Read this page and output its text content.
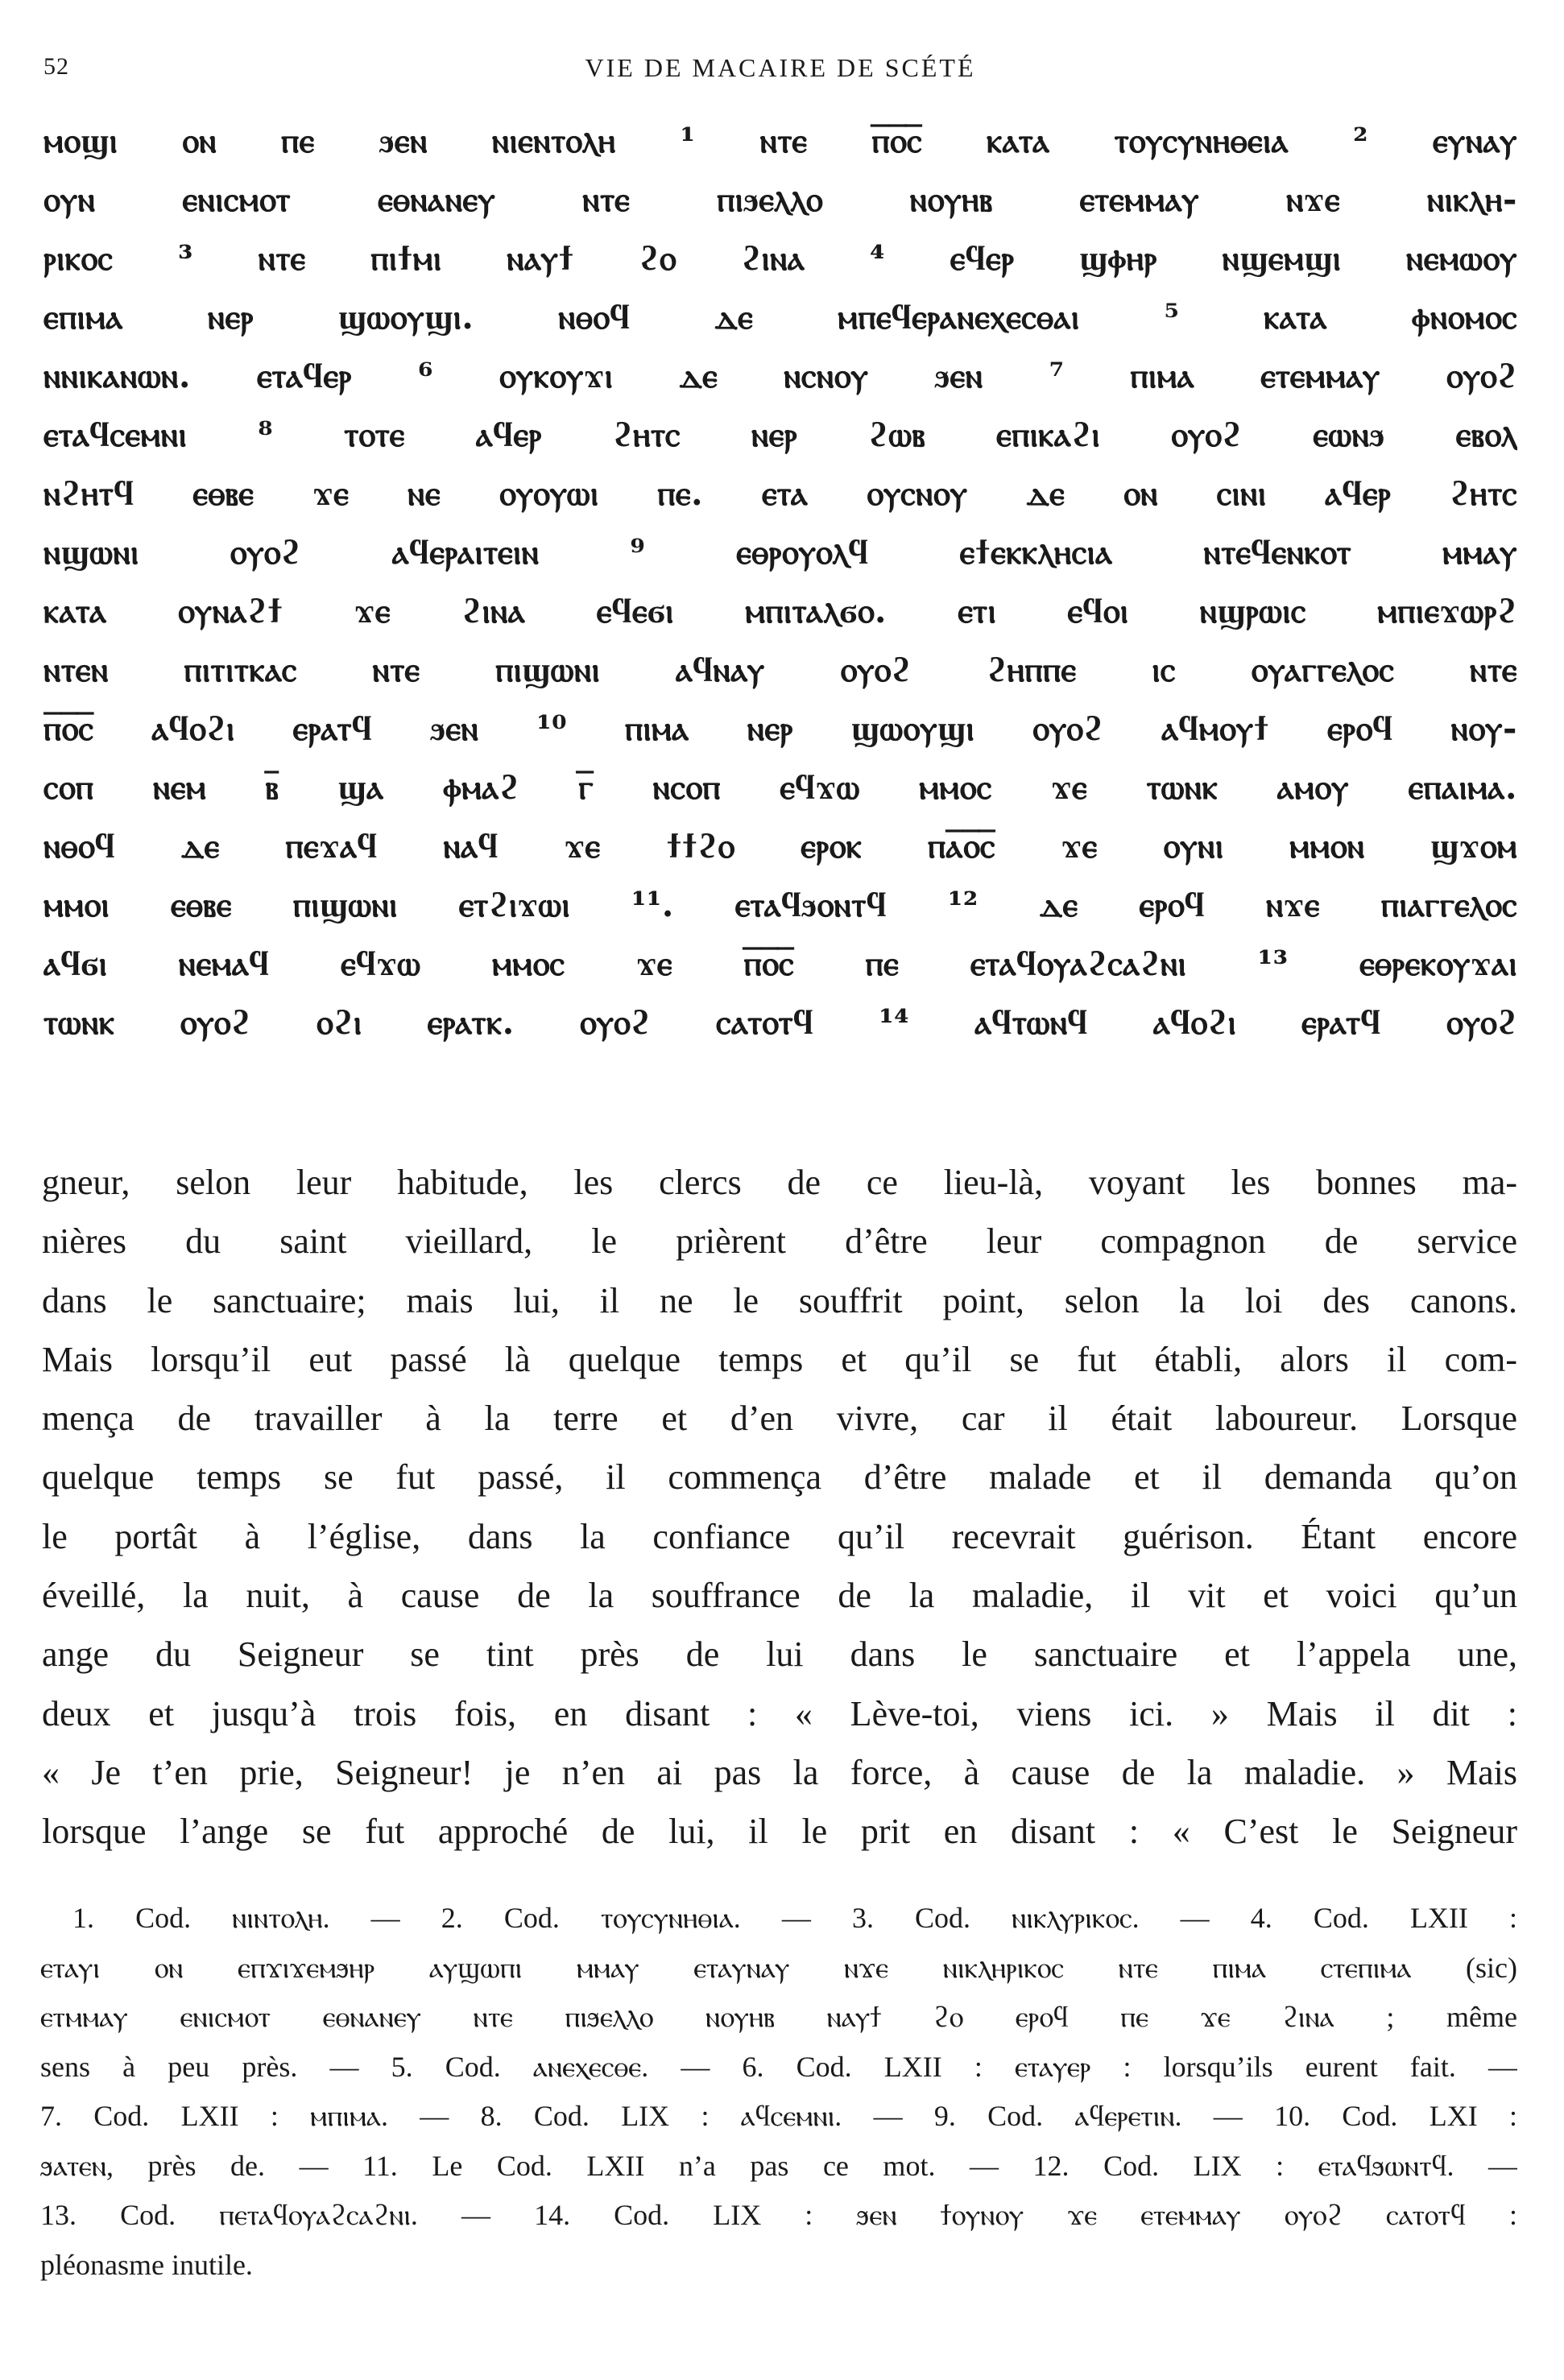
52	VIE DE MACAIRE DE SCÉTÉ
ⲙⲟϣⲓ ⲟⲛ ⲡⲉ ϧⲉⲛ ⲛⲓⲉⲛⲧⲟⲗⲏ ¹ ⲛⲧⲉ ⲡ̅ⲟ̅ⲥ̅ ⲕⲁⲧⲁ ⲧⲟⲩⲥⲩⲛⲏⲑⲉⲓⲁ ² ⲉⲩⲛⲁⲩ
ⲟⲩⲛ ⲉⲛⲓⲥⲙⲟⲧ ⲉⲑⲛⲁⲛⲉⲩ ⲛⲧⲉ ⲡⲓϧⲉⲗⲗⲟ ⲛⲟⲩⲏⲃ ⲉⲧⲉⲙⲙⲁⲩ ⲛϫⲉ ⲛⲓⲕⲗⲏ-
ⲣⲓⲕⲟⲥ ³ ⲛⲧⲉ ⲡⲓϯⲙⲓ ⲛⲁⲩϯ ϩⲟ ϩⲓⲛⲁ ⁴ ⲉϥⲉⲣ ϣⲫⲏⲣ ⲛϣⲉⲙϣⲓ ⲛⲉⲙⲱⲟⲩ
ⲉⲡⲓⲙⲁ ⲛⲉⲣ ϣⲱⲟⲩϣⲓ. ⲛⲑⲟϥ ⲇⲉ ⲙⲡⲉϥⲉⲣⲁⲛⲉⲭⲉⲥⲑⲁⲓ ⁵ ⲕⲁⲧⲁ ⲫⲛⲟⲙⲟⲥ
ⲛⲛⲓⲕⲁⲛⲱⲛ. ⲉⲧⲁϥⲉⲣ ⁶ ⲟⲩⲕⲟⲩϫⲓ ⲇⲉ ⲛⲥⲛⲟⲩ ϧⲉⲛ ⁷ ⲡⲓⲙⲁ ⲉⲧⲉⲙⲙⲁⲩ ⲟⲩⲟϩ
ⲉⲧⲁϥⲥⲉⲙⲛⲓ ⁸ ⲧⲟⲧⲉ ⲁϥⲉⲣ ϩⲏⲧⲥ ⲛⲉⲣ ϩⲱⲃ ⲉⲡⲓⲕⲁϩⲓ ⲟⲩⲟϩ ⲉⲱⲛϧ ⲉⲃⲟⲗ
ⲛϩⲏⲧϥ ⲉⲑⲃⲉ ϫⲉ ⲛⲉ ⲟⲩⲟⲩⲱⲓ ⲡⲉ. ⲉⲧⲁ ⲟⲩⲥⲛⲟⲩ ⲇⲉ ⲟⲛ ⲥⲓⲛⲓ ⲁϥⲉⲣ ϩⲏⲧⲥ
ⲛϣⲱⲛⲓ ⲟⲩⲟϩ ⲁϥⲉⲣⲁⲓⲧⲉⲓⲛ ⁹ ⲉⲑⲣⲟⲩⲟⲗϥ ⲉϯⲉⲕⲕⲗⲏⲥⲓⲁ ⲛⲧⲉϥⲉⲛⲕⲟⲧ ⲙⲙⲁⲩ
ⲕⲁⲧⲁ ⲟⲩⲛⲁϩϯ ϫⲉ ϩⲓⲛⲁ ⲉϥⲉϭⲓ ⲙⲡⲓⲧⲁⲗϭⲟ. ⲉⲧⲓ ⲉϥⲟⲓ ⲛϣⲣⲱⲓⲥ ⲙⲡⲓⲉϫⲱⲣϩ
ⲛⲧⲉⲛ ⲡⲓⲧⲓⲧⲕⲁⲥ ⲛⲧⲉ ⲡⲓϣⲱⲛⲓ ⲁϥⲛⲁⲩ ⲟⲩⲟϩ ϩⲏⲡⲡⲉ ⲓⲥ ⲟⲩⲁⲅⲅⲉⲗⲟⲥ ⲛⲧⲉ
ⲡ̅ⲟ̅ⲥ̅ ⲁϥⲟϩⲓ ⲉⲣⲁⲧϥ ϧⲉⲛ ¹⁰ ⲡⲓⲙⲁ ⲛⲉⲣ ϣⲱⲟⲩϣⲓ ⲟⲩⲟϩ ⲁϥⲙⲟⲩϯ ⲉⲣⲟϥ ⲛⲟⲩ-
ⲥⲟⲡ ⲛⲉⲙ ⲃ̅ ϣⲁ ⲫⲙⲁϩ ⲅ̅ ⲛⲥⲟⲡ ⲉϥϫⲱ ⲙⲙⲟⲥ ϫⲉ ⲧⲱⲛⲕ ⲁⲙⲟⲩ ⲉⲡⲁⲓⲙⲁ.
ⲛⲑⲟϥ ⲇⲉ ⲡⲉϫⲁϥ ⲛⲁϥ ϫⲉ ϯϯϩⲟ ⲉⲣⲟⲕ ⲡⲁ̅ⲟ̅ⲥ̅ ϫⲉ ⲟⲩⲛⲓ ⲙⲙⲟⲛ ϣϫⲟⲙ
ⲙⲙⲟⲓ ⲉⲑⲃⲉ ⲡⲓϣⲱⲛⲓ ⲉⲧϩⲓϫⲱⲓ ¹¹. ⲉⲧⲁϥϧⲟⲛⲧϥ ¹² ⲇⲉ ⲉⲣⲟϥ ⲛϫⲉ ⲡⲓⲁⲅⲅⲉⲗⲟⲥ
ⲁϥϭⲓ ⲛⲉⲙⲁϥ ⲉϥϫⲱ ⲙⲙⲟⲥ ϫⲉ ⲡ̅ⲟ̅ⲥ̅ ⲡⲉ ⲉⲧⲁϥⲟⲩⲁϩⲥⲁϩⲛⲓ ¹³ ⲉⲑⲣⲉⲕⲟⲩϫⲁⲓ
ⲧⲱⲛⲕ ⲟⲩⲟϩ ⲟϩⲓ ⲉⲣⲁⲧⲕ. ⲟⲩⲟϩ ⲥⲁⲧⲟⲧϥ ¹⁴ ⲁϥⲧⲱⲛϥ ⲁϥⲟϩⲓ ⲉⲣⲁⲧϥ ⲟⲩⲟϩ
gneur, selon leur habitude, les clercs de ce lieu-là, voyant les bonnes ma-
nières du saint vieillard, le prièrent d’être leur compagnon de service
dans le sanctuaire; mais lui, il ne le souffrit point, selon la loi des canons.
Mais lorsqu’il eut passé là quelque temps et qu’il se fut établi, alors il com-
mença de travailler à la terre et d’en vivre, car il était laboureur. Lorsque
quelque temps se fut passé, il commença d’être malade et il demanda qu’on
le portât à l’église, dans la confiance qu’il recevrait guérison. Étant encore
éveillé, la nuit, à cause de la souffrance de la maladie, il vit et voici qu’un
ange du Seigneur se tint près de lui dans le sanctuaire et l’appela une,
deux et jusqu’à trois fois, en disant : « Lève-toi, viens ici. » Mais il dit :
« Je t’en prie, Seigneur! je n’en ai pas la force, à cause de la maladie. » Mais
lorsque l’ange se fut approché de lui, il le prit en disant : « C’est le Seigneur
1. Cod. ⲛⲓⲛⲧⲟⲗⲏ. — 2. Cod. ⲧⲟⲩⲥⲩⲛⲏⲑⲓⲁ. — 3. Cod. ⲛⲓⲕⲗⲩⲣⲓⲕⲟⲥ. — 4. Cod. LXII :
ⲉⲧⲁⲩⲓ ⲟⲛ ⲉⲡϫⲓϫⲉⲙϧⲏⲣ ⲁⲩϣⲱⲡⲓ ⲙⲙⲁⲩ ⲉⲧⲁⲩⲛⲁⲩ ⲛϫⲉ ⲛⲓⲕⲗⲏⲣⲓⲕⲟⲥ ⲛⲧⲉ ⲡⲓⲙⲁ ⲥⲧⲉⲡⲓⲙⲁ (sic)
ⲉⲧⲙⲙⲁⲩ ⲉⲛⲓⲥⲙⲟⲧ ⲉⲑⲛⲁⲛⲉⲩ ⲛⲧⲉ ⲡⲓϧⲉⲗⲗⲟ ⲛⲟⲩⲏⲃ ⲛⲁⲩϯ ϩⲟ ⲉⲣⲟϥ ⲡⲉ ϫⲉ ϩⲓⲛⲁ ; même
sens à peu près. — 5. Cod. ⲁⲛⲉⲭⲉⲥⲑⲉ. — 6. Cod. LXII : ⲉⲧⲁⲩⲉⲣ : lorsqu’ils eurent fait. —
7. Cod. LXII : ⲙⲡⲓⲙⲁ. — 8. Cod. LIX : ⲁϥⲥⲉⲙⲛⲓ. — 9. Cod. ⲁϥⲉⲣⲉⲧⲓⲛ. — 10. Cod. LXI :
ϧⲁⲧⲉⲛ, près de. — 11. Le Cod. LXII n’a pas ce mot. — 12. Cod. LIX : ⲉⲧⲁϥϧⲱⲛⲧϥ. —
13. Cod. ⲡⲉⲧⲁϥⲟⲩⲁϩⲥⲁϩⲛⲓ. — 14. Cod. LIX : ϧⲉⲛ ϯⲟⲩⲛⲟⲩ ϫⲉ ⲉⲧⲉⲙⲙⲁⲩ ⲟⲩⲟϩ ⲥⲁⲧⲟⲧϥ :
pléonasme inutile.
